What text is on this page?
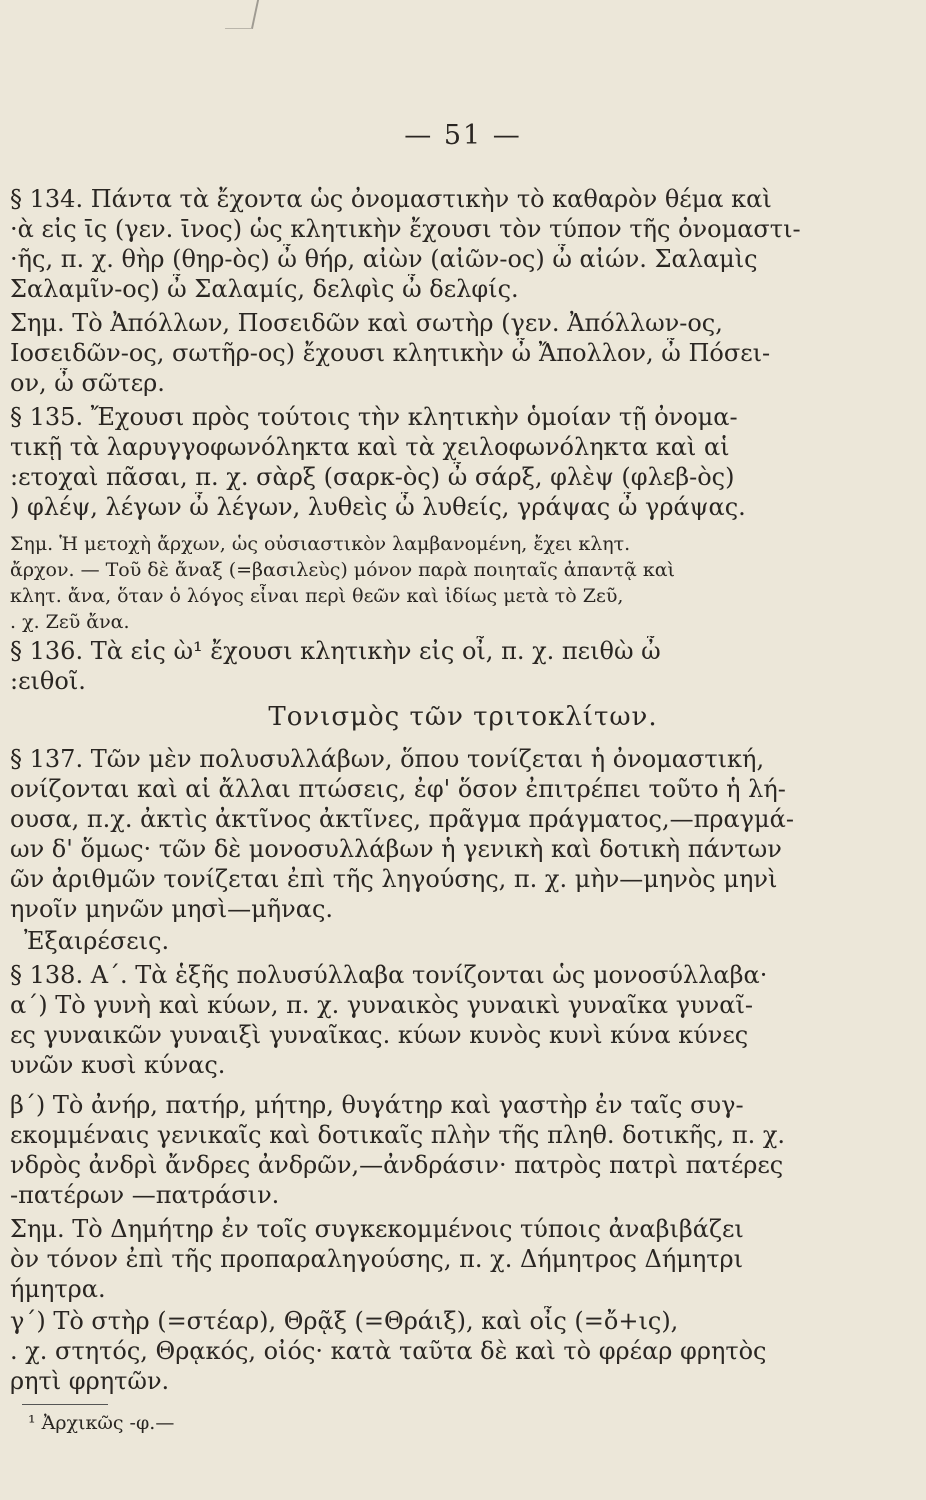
— 51 —
§ 134. Πάντα τὰ ἔχοντα ὡς ὀνομαστικὴν τὸ καθαρὸν θέμα καὶ
·ὰ εἰς ῑς (γεν. ῑνος) ὡς κλητικὴν ἔχουσι τὸν τύπον τῆς ὀνομαστι-
·ῆς, π. χ. θὴρ (θηρ-ὸς) ὦ θήρ, αἰὼν (αἰῶν-ος) ὦ αἰών. Σαλαμὶς
Σαλαμῖν-ος) ὦ Σαλαμίς, δελφὶς ὦ δελφίς.
Σημ. Τὸ Ἀπόλλων, Ποσειδῶν καὶ σωτὴρ (γεν. Ἀπόλλων-ος,
Ιοσειδῶν-ος, σωτῆρ-ος) ἔχουσι κλητικὴν ὦ Ἄπολλον, ὦ Πόσει-
ον, ὦ σῶτερ.
§ 135. Ἔχουσι πρὸς τούτοις τὴν κλητικὴν ὁμοίαν τῇ ὀνομα-
τικῇ τὰ λαρυγγοφωνόληκτα καὶ τὰ χειλοφωνόληκτα καὶ αἱ
:ετοχαὶ πᾶσαι, π. χ. σὰρξ (σαρκ-ὸς) ὦ σάρξ, φλὲψ (φλεβ-ὸς)
) φλέψ, λέγων ὦ λέγων, λυθεὶς ὦ λυθείς, γράψας ὦ γράψας.
Σημ. Ἡ μετοχὴ ἄρχων, ὡς οὐσιαστικὸν λαμβανομένη, ἔχει κλητ.
ἄρχον. — Τοῦ δὲ ἄναξ (=βασιλεὺς) μόνον παρὰ ποιηταῖς ἀπαντᾷ καὶ
κλητ. ἄνα, ὅταν ὁ λόγος εἶναι περὶ θεῶν καὶ ἰδίως μετὰ τὸ Ζεῦ,
. χ. Ζεῦ ἄνα.
§ 136. Τὰ εἰς ὼ¹ ἔχουσι κλητικὴν εἰς οἶ, π. χ. πειθὼ ὦ
:ειθοῖ.
Τονισμὸς τῶν τριτοκλίτων.
§ 137. Τῶν μὲν πολυσυλλάβων, ὅπου τονίζεται ἡ ὀνομαστική,
ονίζονται καὶ αἱ ἄλλαι πτώσεις, ἐφ' ὅσον ἐπιτρέπει τοῦτο ἡ λή-
ουσα, π.χ. ἀκτὶς ἀκτῖνος ἀκτῖνες, πρᾶγμα πράγματος,—πραγμά-
ων δ' ὅμως· τῶν δὲ μονοσυλλάβων ἡ γενικὴ καὶ δοτικὴ πάντων
ῶν ἀριθμῶν τονίζεται ἐπὶ τῆς ληγούσης, π. χ. μὴν—μηνὸς μηνὶ
ηνοῖν μηνῶν μησὶ—μῆνας.
Ἐξαιρέσεις.
§ 138. Α΄. Τὰ ἑξῆς πολυσύλλαβα τονίζονται ὡς μονοσύλλαβα·
α΄) Τὸ γυνὴ καὶ κύων, π. χ. γυναικὸς γυναικὶ γυναῖκα γυναῖ-
ες γυναικῶν γυναιξὶ γυναῖκας. κύων κυνὸς κυνὶ κύνα κύνες
υνῶν κυσὶ κύνας.
β΄) Τὸ ἀνήρ, πατήρ, μήτηρ, θυγάτηρ καὶ γαστὴρ ἐν ταῖς συγ-
εκομμέναις γενικαῖς καὶ δοτικαῖς πλὴν τῆς πληθ. δοτικῆς, π. χ.
νδρὸς ἀνδρὶ ἄνδρες ἀνδρῶν,—ἀνδράσιν· πατρὸς πατρὶ πατέρες
-πατέρων —πατράσιν.
Σημ. Τὸ Δημήτηρ ἐν τοῖς συγκεκομμένοις τύποις ἀναβιβάζει
ὸν τόνον ἐπὶ τῆς προπαραληγούσης, π. χ. Δήμητρος Δήμητρι
ήμητρα.
γ΄) Τὸ στὴρ (=στέαρ), Θρᾷξ (=Θράιξ), καὶ οἶς (=ὄ+ις),
. χ. στητός, Θρᾳκός, οἰός· κατὰ ταῦτα δὲ καὶ τὸ φρέαρ φρητὸς
ρητὶ φρητῶν.
¹ Ἀρχικῶς -φ.—
